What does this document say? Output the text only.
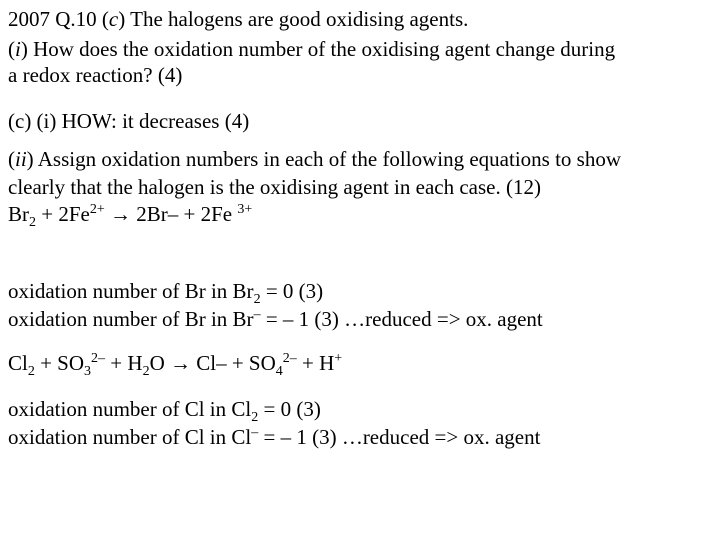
2007 Q.10 (c) The halogens are good oxidising agents.
(i) How does the oxidation number of the oxidising agent change during
a redox reaction? (4)
(c) (i) HOW: it decreases (4)
(ii) Assign oxidation numbers in each of the following equations to show
clearly that the halogen is the oxidising agent in each case. (12)
$Br_2 + 2Fe^{2+} \to 2Br- + 2Fe$ $^{3+}$
oxidation number of Br in $Br_2 = 0$ (3)
oxidation number of Br in Br– = – 1 (3) …reduced => ox. agent
$Cl_2 + SO_3^{2-} + H_2O \to Cl- + SO_4^{2-} + H^+$
oxidation number of Cl in $Cl_2 = 0$ (3)
oxidation number of Cl in Cl– = – 1 (3) …reduced => ox. agent
